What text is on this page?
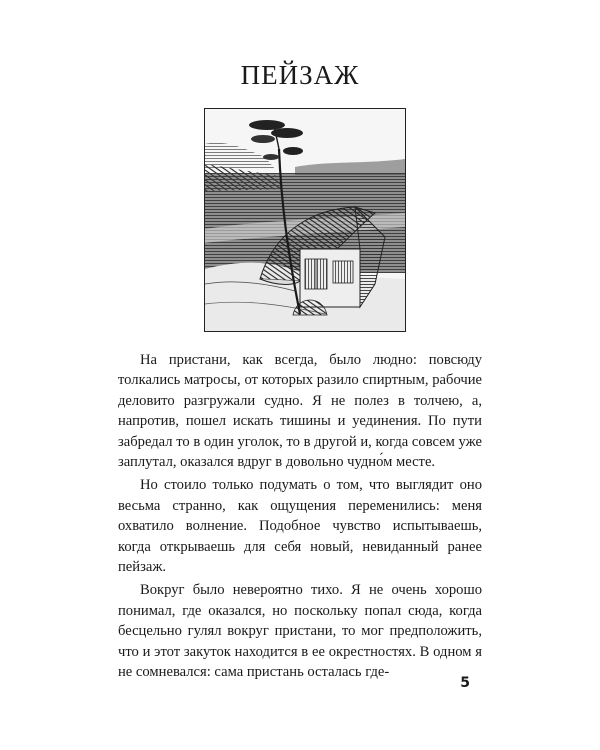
ПЕЙЗАЖ

На пристани, как всегда, было людно: повсюду толкались матросы, от которых разило спиртным, рабочие деловито разгружали судно. Я не полез в толчею, а, напротив, пошел искать тишины и уединения. По пути забредал то в один уголок, то в другой и, когда совсем уже заплутал, оказался вдруг в довольно чудно́м месте.

Но стоило только подумать о том, что выглядит оно весьма странно, как ощущения переменились: меня охватило волнение. Подобное чувство испытываешь, когда открываешь для себя новый, невиданный ранее пейзаж.

Вокруг было невероятно тихо. Я не очень хорошо понимал, где оказался, но поскольку попал сюда, когда бесцельно гулял вокруг пристани, то мог предположить, что и этот закуток находится в ее окрестностях. В одном я не сомневался: сама пристань осталась где-

5
